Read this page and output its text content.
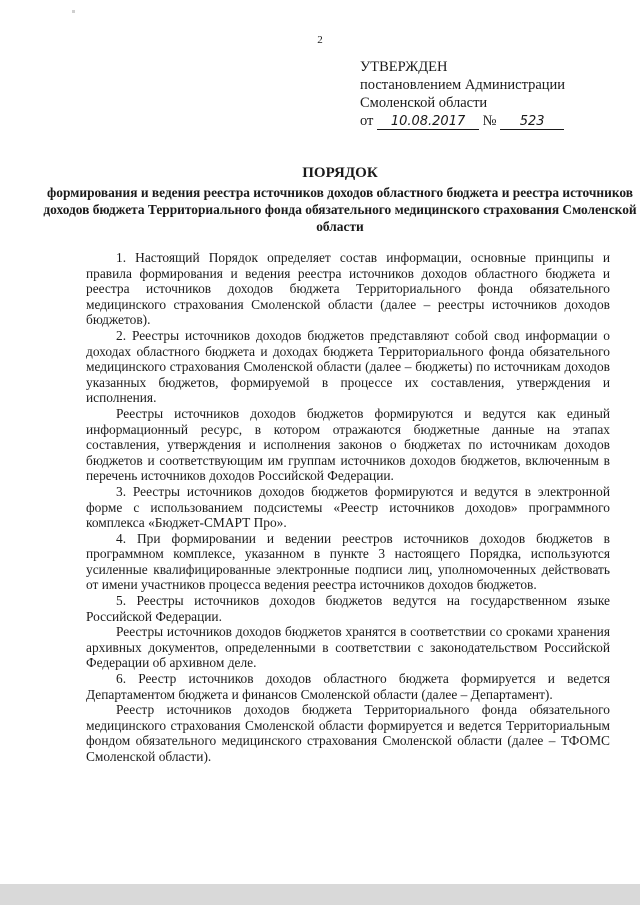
2
УТВЕРЖДЕН
постановлением Администрации
Смоленской области
от 10.08.2017 № 523
ПОРЯДОК
формирования и ведения реестра источников доходов областного бюджета и реестра источников доходов бюджета Территориального фонда обязательного медицинского страхования Смоленской области

1. Настоящий Порядок определяет состав информации, основные принципы и правила формирования и ведения реестра источников доходов областного бюджета и реестра источников доходов бюджета Территориального фонда обязательного медицинского страхования Смоленской области (далее – реестры источников доходов бюджетов).

2. Реестры источников доходов бюджетов представляют собой свод информации о доходах областного бюджета и доходах бюджета Территориального фонда обязательного медицинского страхования Смоленской области (далее – бюджеты) по источникам доходов указанных бюджетов, формируемой в процессе их составления, утверждения и исполнения.

Реестры источников доходов бюджетов формируются и ведутся как единый информационный ресурс, в котором отражаются бюджетные данные на этапах составления, утверждения и исполнения законов о бюджетах по источникам доходов бюджетов и соответствующим им группам источников доходов бюджетов, включенным в перечень источников доходов Российской Федерации.

3. Реестры источников доходов бюджетов формируются и ведутся в электронной форме с использованием подсистемы «Реестр источников доходов» программного комплекса «Бюджет-СМАРТ Про».

4. При формировании и ведении реестров источников доходов бюджетов в программном комплексе, указанном в пункте 3 настоящего Порядка, используются усиленные квалифицированные электронные подписи лиц, уполномоченных действовать от имени участников процесса ведения реестра источников доходов бюджетов.

5. Реестры источников доходов бюджетов ведутся на государственном языке Российской Федерации.

Реестры источников доходов бюджетов хранятся в соответствии со сроками хранения архивных документов, определенными в соответствии с законодательством Российской Федерации об архивном деле.

6. Реестр источников доходов областного бюджета формируется и ведется Департаментом бюджета и финансов Смоленской области (далее – Департамент).

Реестр источников доходов бюджета Территориального фонда обязательного медицинского страхования Смоленской области формируется и ведется Территориальным фондом обязательного медицинского страхования Смоленской области (далее – ТФОМС Смоленской области).
